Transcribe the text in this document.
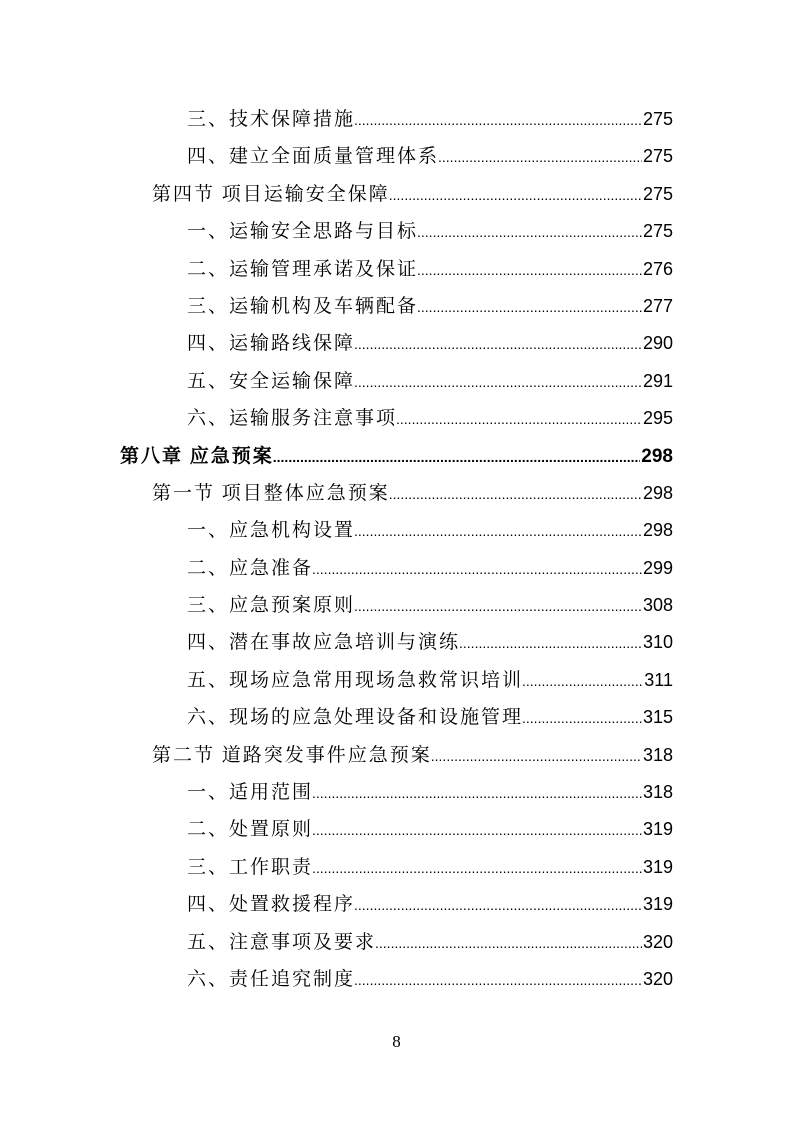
三、技术保障措施 .....	275
四、建立全面质量管理体系 .....	275
第四节 项目运输安全保障 .....	275
一、运输安全思路与目标 .....	275
二、运输管理承诺及保证 .....	276
三、运输机构及车辆配备 .....	277
四、运输路线保障 .....	290
五、安全运输保障 .....	291
六、运输服务注意事项 .....	295
第八章 应急预案 .....	298
第一节 项目整体应急预案 .....	298
一、应急机构设置 .....	298
二、应急准备 .....	299
三、应急预案原则 .....	308
四、潜在事故应急培训与演练 .....	310
五、现场应急常用现场急救常识培训 .....	311
六、现场的应急处理设备和设施管理 .....	315
第二节 道路突发事件应急预案 .....	318
一、适用范围 .....	318
二、处置原则 .....	319
三、工作职责 .....	319
四、处置救援程序 .....	319
五、注意事项及要求 .....	320
六、责任追究制度 .....	320
8
